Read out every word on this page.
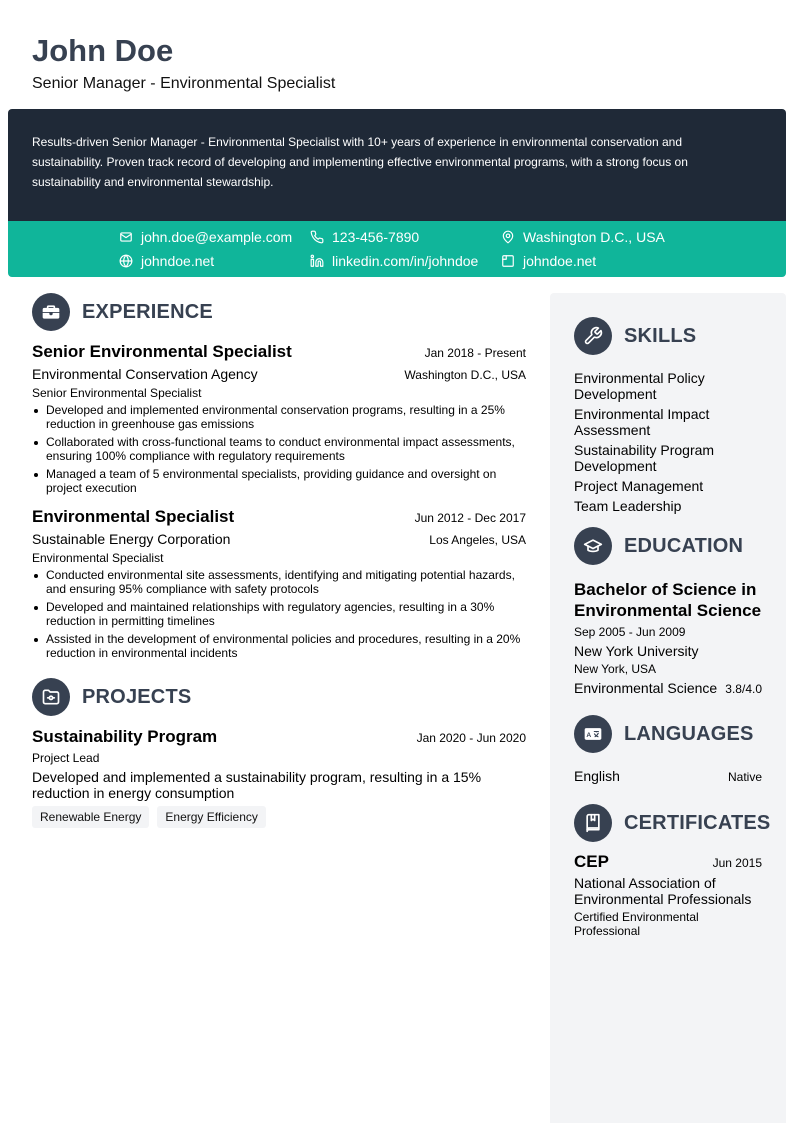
John Doe
Senior Manager - Environmental Specialist
Results-driven Senior Manager - Environmental Specialist with 10+ years of experience in environmental conservation and sustainability. Proven track record of developing and implementing effective environmental programs, with a strong focus on sustainability and environmental stewardship.
john.doe@example.com	123-456-7890	Washington D.C., USA
johndoe.net	linkedin.com/in/johndoe	johndoe.net
EXPERIENCE
Senior Environmental Specialist	Jan 2018 - Present
Environmental Conservation Agency	Washington D.C., USA
Senior Environmental Specialist
Developed and implemented environmental conservation programs, resulting in a 25% reduction in greenhouse gas emissions
Collaborated with cross-functional teams to conduct environmental impact assessments, ensuring 100% compliance with regulatory requirements
Managed a team of 5 environmental specialists, providing guidance and oversight on project execution
Environmental Specialist	Jun 2012 - Dec 2017
Sustainable Energy Corporation	Los Angeles, USA
Environmental Specialist
Conducted environmental site assessments, identifying and mitigating potential hazards, and ensuring 95% compliance with safety protocols
Developed and maintained relationships with regulatory agencies, resulting in a 30% reduction in permitting timelines
Assisted in the development of environmental policies and procedures, resulting in a 20% reduction in environmental incidents
PROJECTS
Sustainability Program	Jan 2020 - Jun 2020
Project Lead
Developed and implemented a sustainability program, resulting in a 15% reduction in energy consumption
Renewable Energy	Energy Efficiency
SKILLS
Environmental Policy Development
Environmental Impact Assessment
Sustainability Program Development
Project Management
Team Leadership
EDUCATION
Bachelor of Science in Environmental Science
Sep 2005 - Jun 2009
New York University
New York, USA
Environmental Science 3.8/4.0
A LANGUAGES
English	Native
CERTIFICATES
CEP	Jun 2015
National Association of Environmental Professionals
Certified Environmental Professional
